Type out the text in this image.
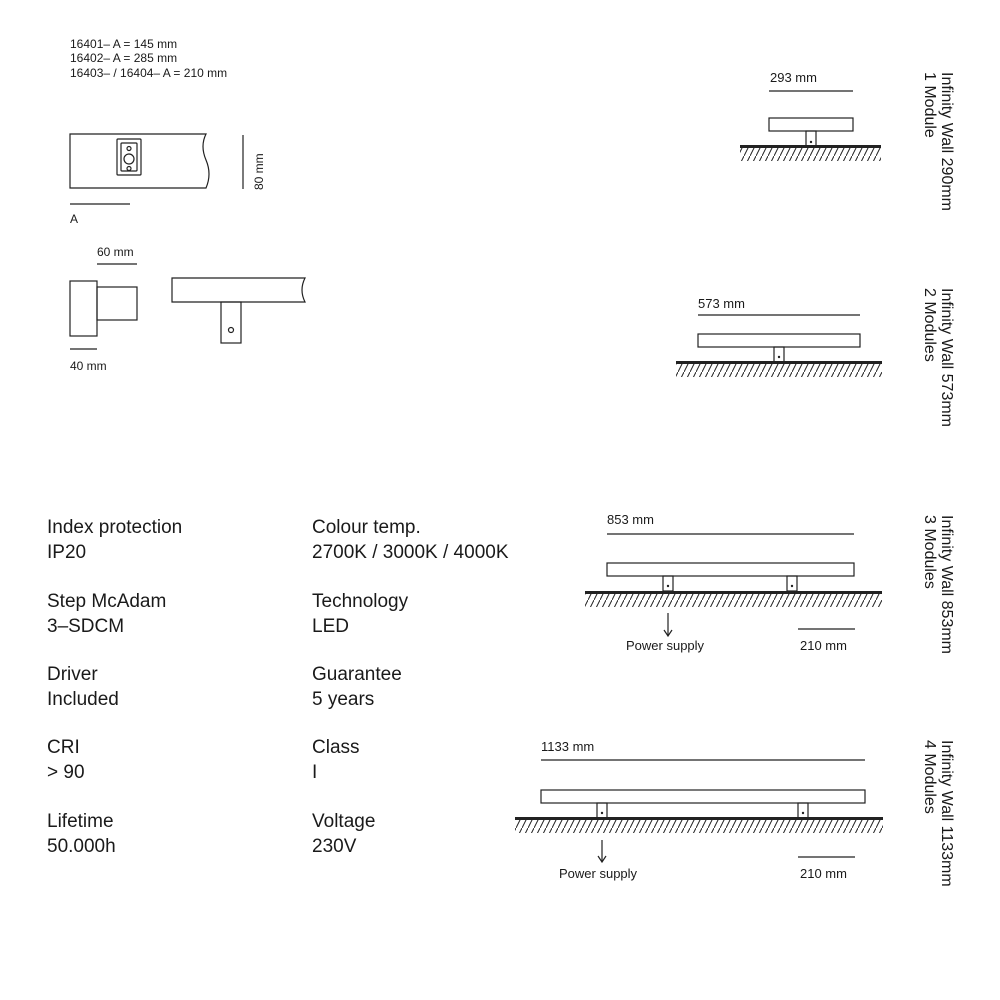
16401– A = 145 mm
16402– A = 285 mm
16403– / 16404– A = 210 mm
80 mm
A
60 mm
40 mm
Index protection
IP20
Step McAdam
3–SDCM
Driver
Included
CRI
> 90
Lifetime
50.000h
Colour temp.
2700K / 3000K / 4000K
Technology
LED
Guarantee
5 years
Class
I
Voltage
230V
293 mm
573 mm
853 mm
Power supply	210 mm
1133 mm
Power supply	210 mm
Infinity Wall 290mm
1 Module
Infinity Wall 573mm
2 Modules
Infinity Wall 853mm
3 Modules
Infinity Wall 1133mm
4 Modules
